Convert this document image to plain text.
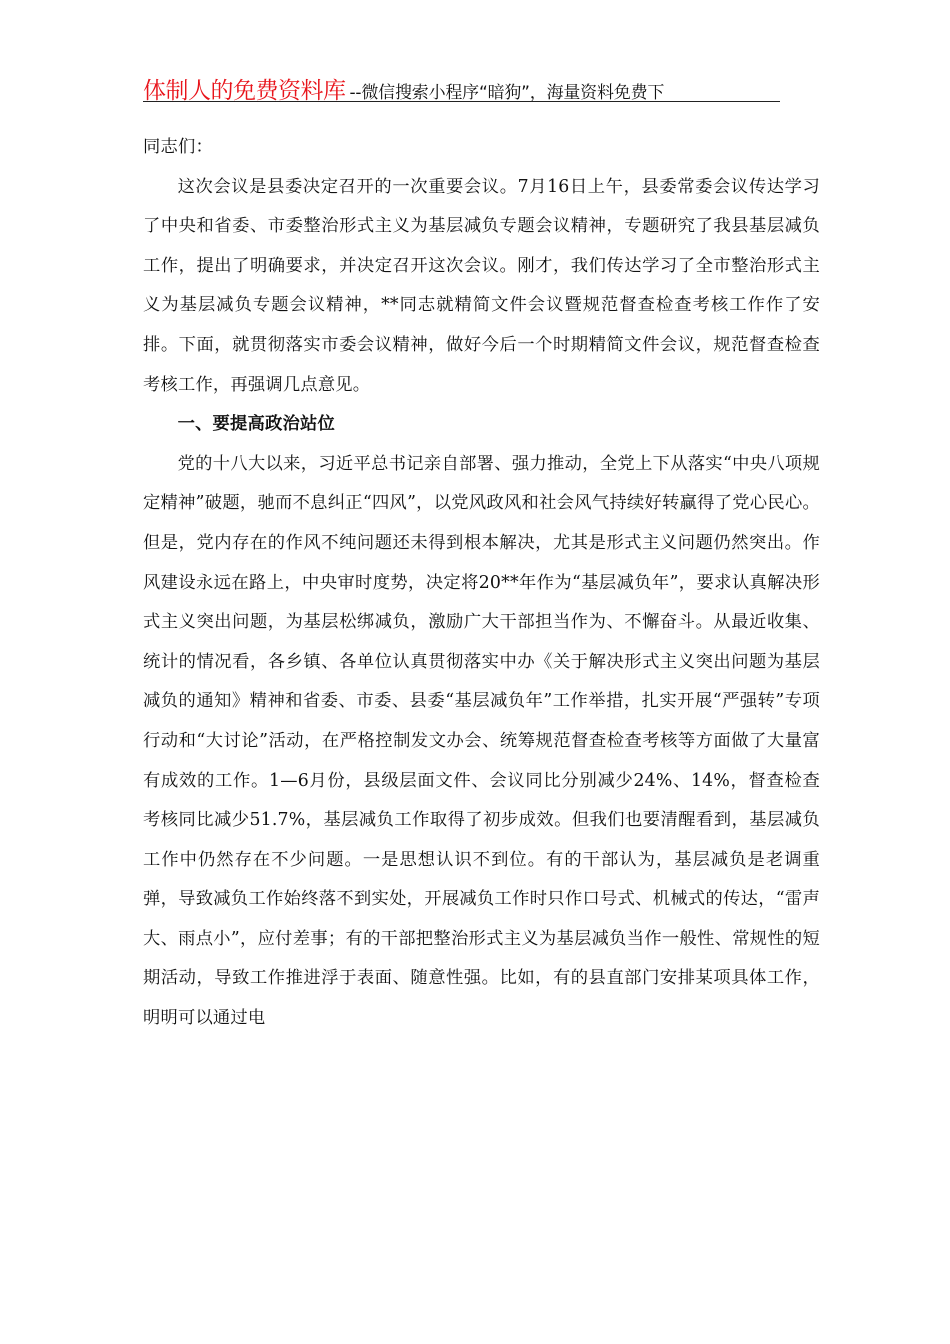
体制人的免费资料库 --微信搜索小程序“暗狗”，海量资料免费下

同志们：

这次会议是县委决定召开的一次重要会议。7月16日上午，县委常委会议传达学习了中央和省委、市委整治形式主义为基层减负专题会议精神，专题研究了我县基层减负工作，提出了明确要求，并决定召开这次会议。刚才，我们传达学习了全市整治形式主义为基层减负专题会议精神，**同志就精简文件会议暨规范督查检查考核工作作了安排。下面，就贯彻落实市委会议精神，做好今后一个时期精简文件会议，规范督查检查考核工作，再强调几点意见。

一、要提高政治站位

党的十八大以来，习近平总书记亲自部署、强力推动，全党上下从落实“中央八项规定精神”破题，驰而不息纠正“四风”，以党风政风和社会风气持续好转赢得了党心民心。但是，党内存在的作风不纯问题还未得到根本解决，尤其是形式主义问题仍然突出。作风建设永远在路上，中央审时度势，决定将20**年作为“基层减负年”，要求认真解决形式主义突出问题，为基层松绑减负，激励广大干部担当作为、不懈奋斗。从最近收集、统计的情况看，各乡镇、各单位认真贯彻落实中办《关于解决形式主义突出问题为基层减负的通知》精神和省委、市委、县委“基层减负年”工作举措，扎实开展“严强转”专项行动和“大讨论”活动，在严格控制发文办会、统筹规范督查检查考核等方面做了大量富有成效的工作。1—6月份，县级层面文件、会议同比分别减少24%、14%，督查检查考核同比减少51.7%，基层减负工作取得了初步成效。但我们也要清醒看到，基层减负工作中仍然存在不少问题。一是思想认识不到位。有的干部认为，基层减负是老调重弹，导致减负工作始终落不到实处，开展减负工作时只作口号式、机械式的传达，“雷声大、雨点小”，应付差事；有的干部把整治形式主义为基层减负当作一般性、常规性的短期活动，导致工作推进浮于表面、随意性强。比如，有的县直部门安排某项具体工作，明明可以通过电
